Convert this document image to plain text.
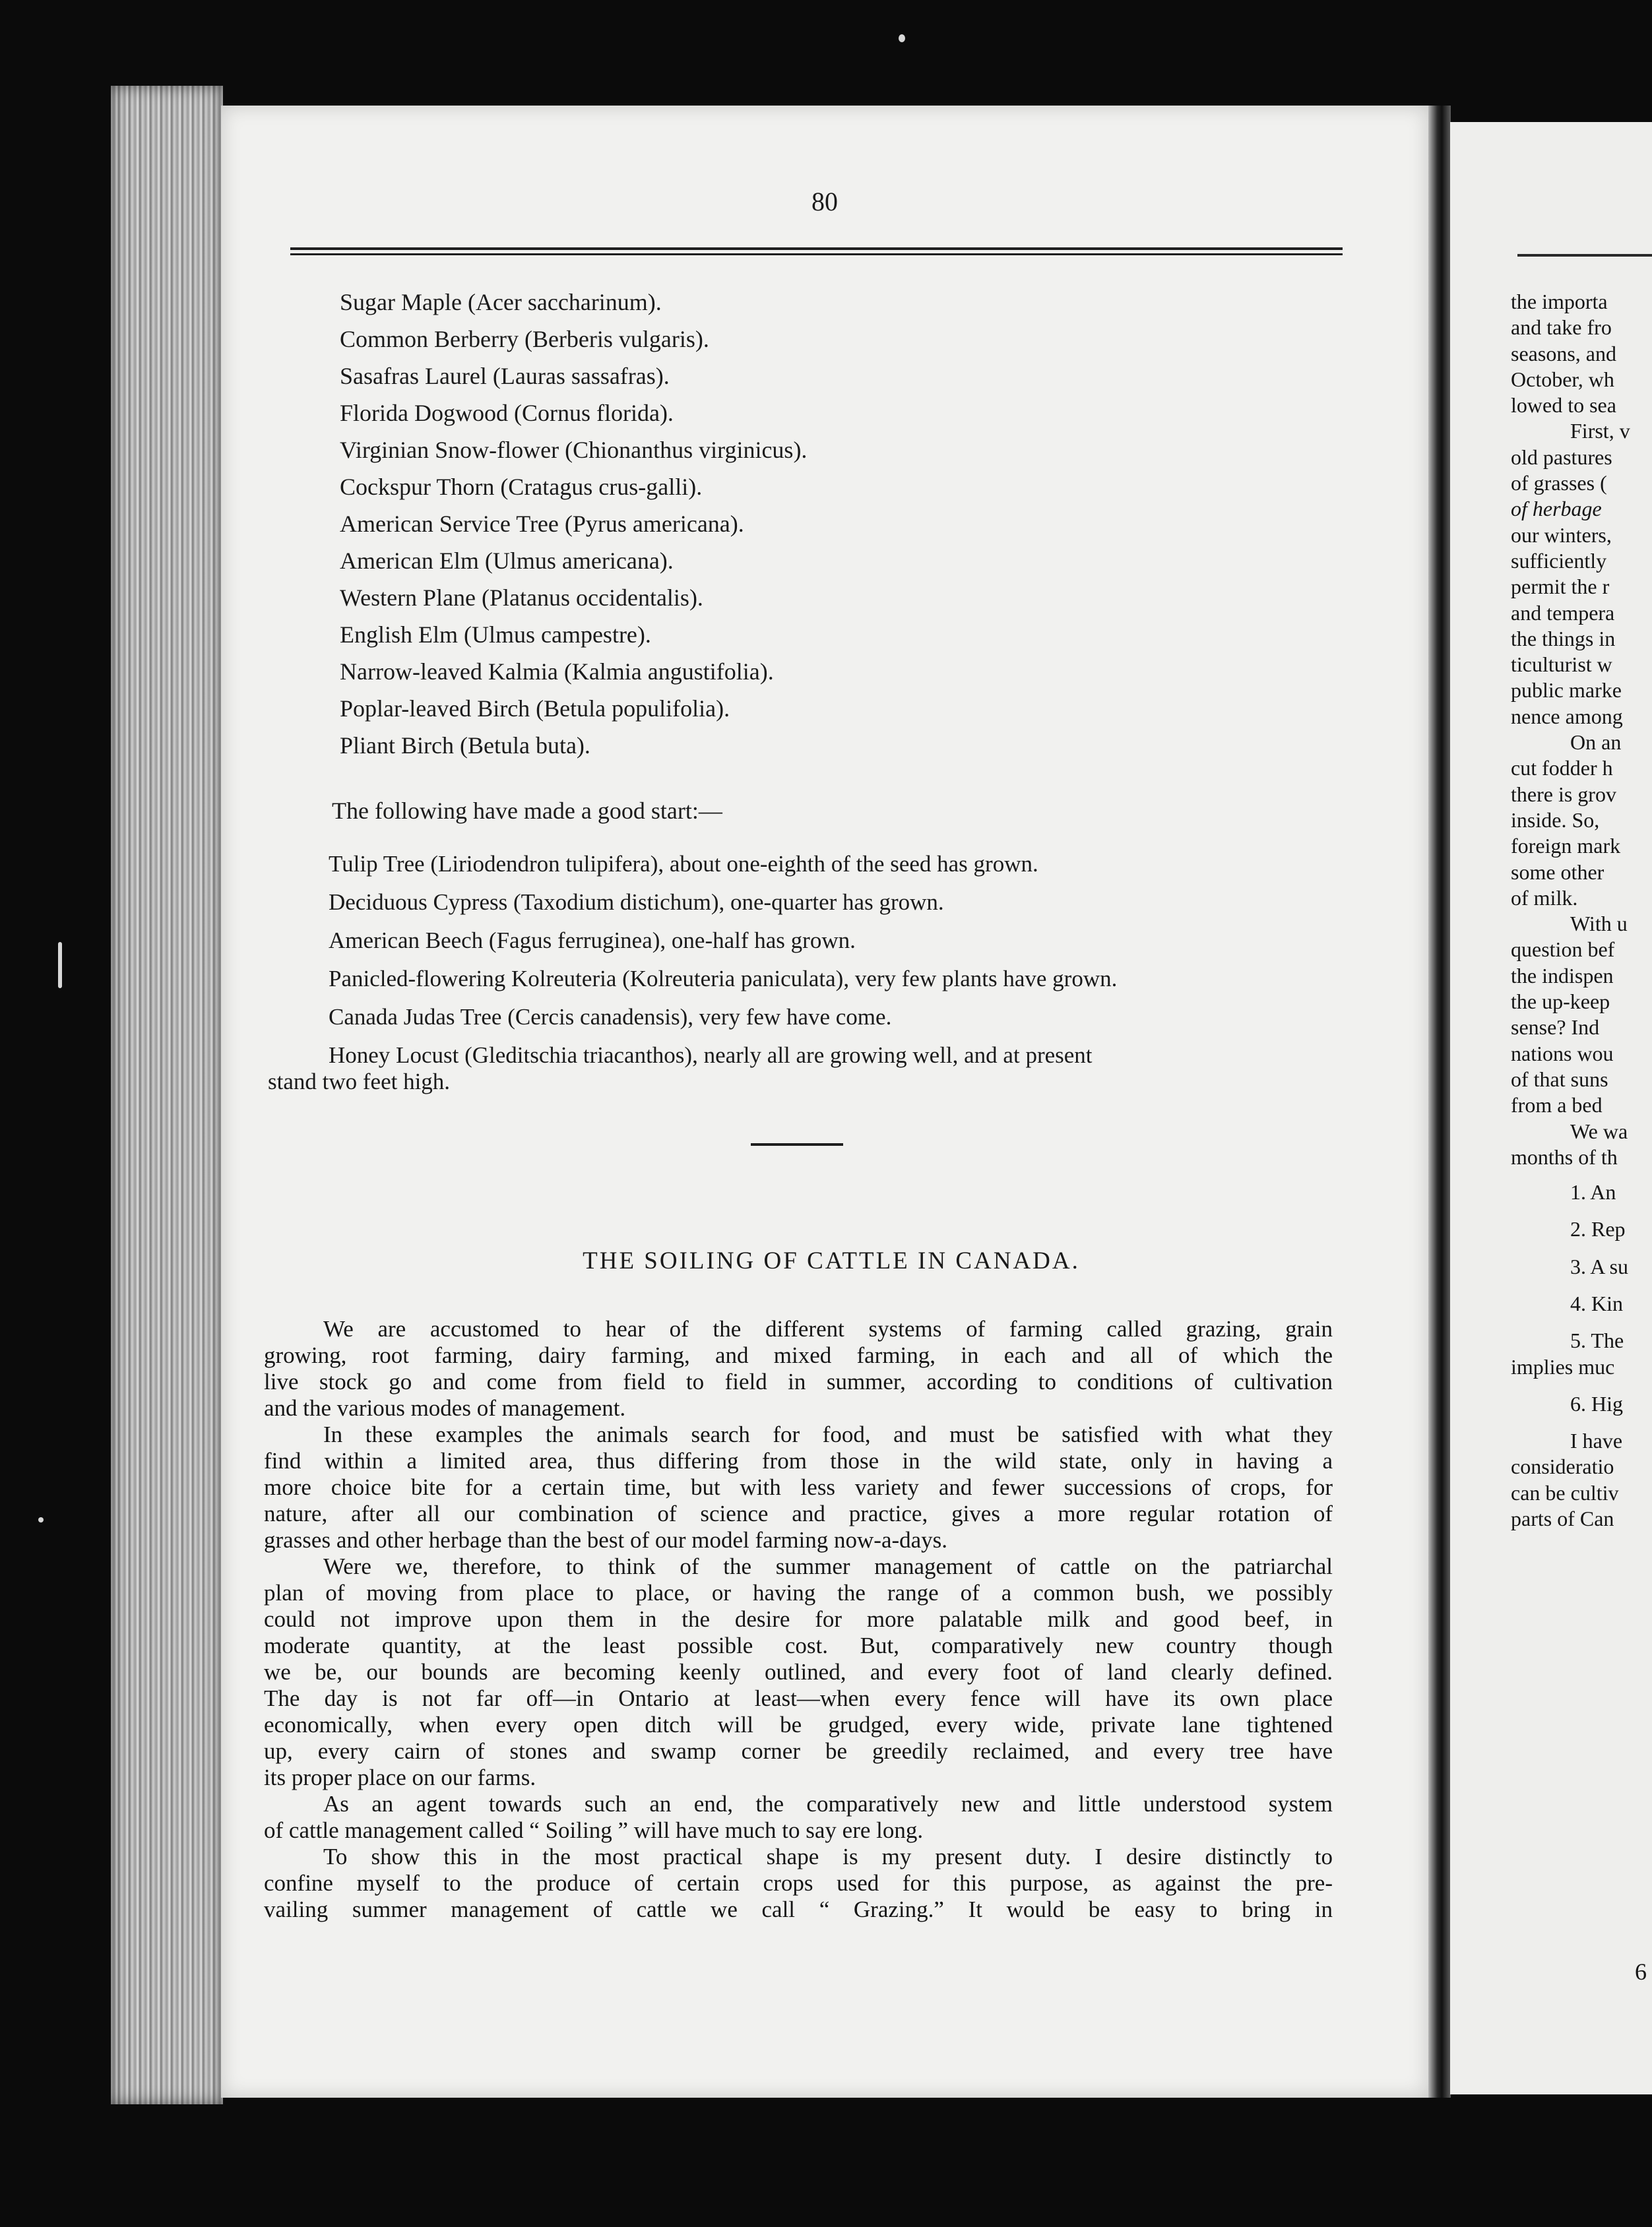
80
Sugar Maple (Acer saccharinum).
Common Berberry (Berberis vulgaris).
Sasafras Laurel (Lauras sassafras).
Florida Dogwood (Cornus florida).
Virginian Snow-flower (Chionanthus virginicus).
Cockspur Thorn (Cratagus crus-galli).
American Service Tree (Pyrus americana).
American Elm (Ulmus americana).
Western Plane (Platanus occidentalis).
English Elm (Ulmus campestre).
Narrow-leaved Kalmia (Kalmia angustifolia).
Poplar-leaved Birch (Betula populifolia).
Pliant Birch (Betula buta).
The following have made a good start:—
Tulip Tree (Liriodendron tulipifera), about one-eighth of the seed has grown.
Deciduous Cypress (Taxodium distichum), one-quarter has grown.
American Beech (Fagus ferruginea), one-half has grown.
Panicled-flowering Kolreuteria (Kolreuteria paniculata), very few plants have grown.
Canada Judas Tree (Cercis canadensis), very few have come.
Honey Locust (Gleditschia triacanthos), nearly all are growing well, and at present
stand two feet high.
THE SOILING OF CATTLE IN CANADA.
We are accustomed to hear of the different systems of farming called grazing, grain
growing, root farming, dairy farming, and mixed farming, in each and all of which the
live stock go and come from field to field in summer, according to conditions of cultivation
and the various modes of management.
In these examples the animals search for food, and must be satisfied with what they
find within a limited area, thus differing from those in the wild state, only in having a
more choice bite for a certain time, but with less variety and fewer successions of crops, for
nature, after all our combination of science and practice, gives a more regular rotation of
grasses and other herbage than the best of our model farming now-a-days.
Were we, therefore, to think of the summer management of cattle on the patriarchal
plan of moving from place to place, or having the range of a common bush, we possibly
could not improve upon them in the desire for more palatable milk and good beef, in
moderate quantity, at the least possible cost. But, comparatively new country though
we be, our bounds are becoming keenly outlined, and every foot of land clearly defined.
The day is not far off—in Ontario at least—when every fence will have its own place
economically, when every open ditch will be grudged, every wide, private lane tightened
up, every cairn of stones and swamp corner be greedily reclaimed, and every tree have
its proper place on our farms.
As an agent towards such an end, the comparatively new and little understood system
of cattle management called “ Soiling ” will have much to say ere long.
To show this in the most practical shape is my present duty. I desire distinctly to
confine myself to the produce of certain crops used for this purpose, as against the pre-
vailing summer management of cattle we call “ Grazing.” It would be easy to bring in
the importa
and take fro
seasons, and
October, wh
lowed to sea
First, v
old pastures
of grasses (
of herbage
our winters,
sufficiently
permit the r
and tempera
the things in
ticulturist w
public marke
nence among
On an
cut fodder h
there is grov
inside. So,
foreign mark
some other
of milk.
With u
question bef
the indispen
the up-keep
sense? Ind
nations wou
of that suns
from a bed
We wa
months of th
1. An
2. Rep
3. A su
4. Kin
5. The
implies muc
6. Hig
I have
consideratio
can be cultiv
parts of Can
6
